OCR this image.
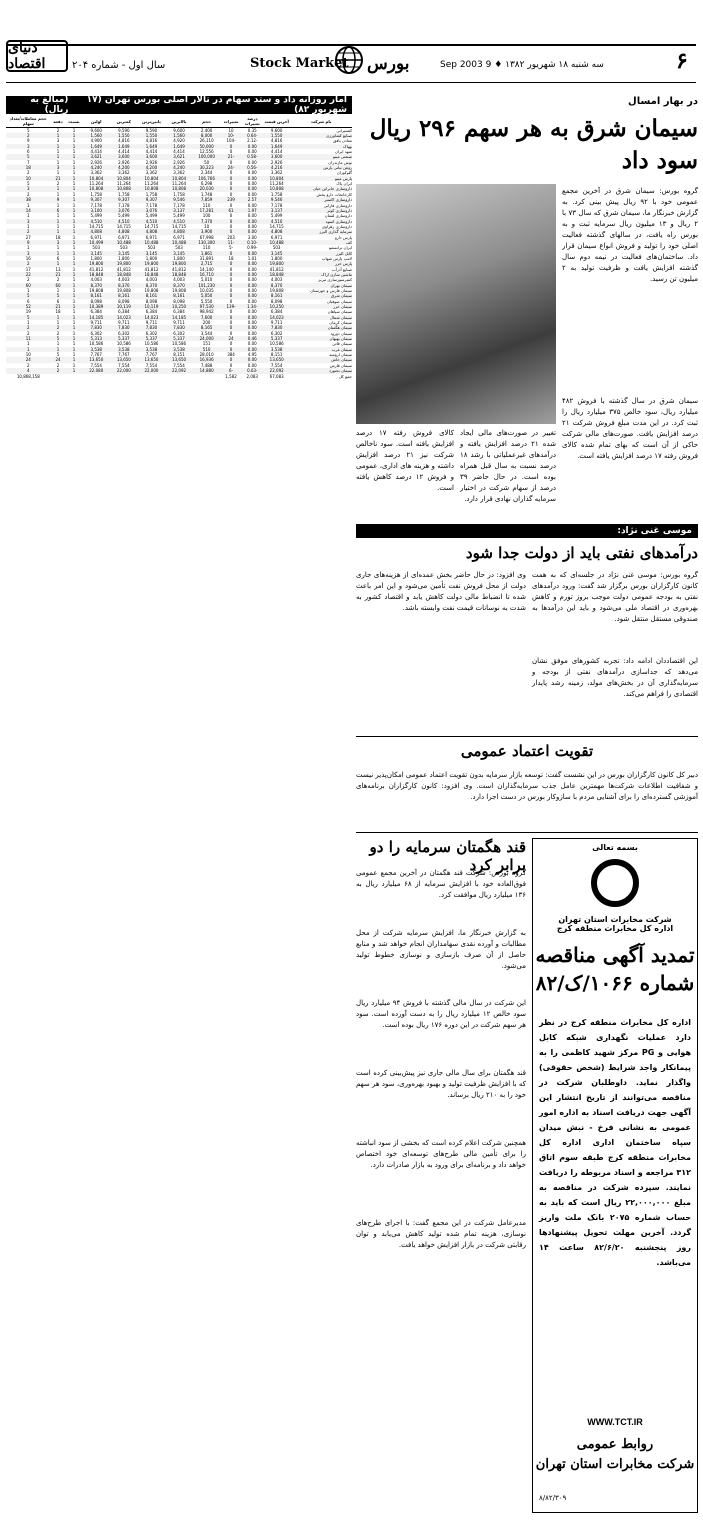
دنیای اقتصاد	سال اول - شماره ۲۰۴	Stock Market بورس	سه شنبه ۱۸ شهریور ۱۳۸۲ ♦ 9 Sep 2003	۶
آمار روزانه داد و ستد سهام در تالار اصلی بورس تهران (۱۷ شهریور ۸۲)
(مبالغ به ریال)
نام شرکت	آخرین قیمت	درصد تغییرات	تغییرات	حجم	بالاترین	پایین‌ترین	کمترین	اولین	نسبت	دفعه	حجم معاملات/تعداد سهام
کشتیرانی	9,600	0.35	10	2,400	9,600	9,590	9,590	9,600	1	2	5
صنایع کشاورزی	1,550	-0.64	-10	8,000	1,560	1,550	1,550	1,560	1	1	2
معادن بافق	4,816	-2.12	-104	26,110	4,920	4,816	4,816	4,900	1	3	9
بهپاک	1,649	0.00	0	50,000	1,649	1,649	1,649	1,649	1	1	3
شهد ایران	4,414	0.00	0	12,556	4,414	4,414	4,414	4,414	1	1	6
صنعتی مینو	3,600	-0.58	-21	100,000	3,621	3,600	3,600	3,621	1	1	5
نوش مازندران	2,926	0.00	0	50	2,926	2,926	2,926	2,926	1	1	7
روغن نباتی پارس	4,216	-0.56	-24	30,223	4,240	4,200	4,200	4,240	1	3	18
گلوکوزان	3,362	0.00	0	2,344	3,362	3,362	3,362	3,362	1	1	2
پارس مینو	10,804	0.00	0	106,766	10,804	10,804	10,804	10,804	1	21	10
ایران پاک	11,264	0.00	0	6,298	11,264	11,264	11,264	11,264	1	2	5
داروسازی جابرابن حیان	10,808	0.00	0	20,030	10,808	10,808	10,808	10,808	1	1	3
کارخانجات دارو پخش	1,758	0.00	0	1,748	1,758	1,758	1,758	1,758	1	1	2
داروسازی اکسیر	9,546	2.57	239	7,859	9,546	9,307	9,307	9,307	1	9	38
داروسازی فارابی	7,178	0.00	0	110	7,178	7,178	7,178	7,178	1	1	1
داروسازی کوثر	3,137	1.97	61	17,281	3,137	3,076	3,076	3,100	1	6	14
داروسازی لقمان	5,499	0.00	0	100	5,499	5,499	5,499	5,499	1	1	1
داروسازی اسوه	4,510	0.00	0	7,370	4,510	4,510	4,510	4,510	1	1	3
داروسازی زهراوی	14,715	0.00	0	10	14,715	14,715	14,715	14,715	1	1	1
سرمایه گذاری البرز	4,808	0.00	0	3,900	4,808	4,808	4,808	4,808	1	1	2
پارس دارو	6,971	3.00	203	67,998	6,971	6,971	6,971	6,971	1	18	27
کف	10,488	-0.10	-11	130,300	10,488	10,488	10,488	10,499	1	3	9
ایران ترانسفو	503	-0.99	-5	110	503	503	503	503	1	1	1
کابل البرز	3,145	0.00	0	1,861	3,145	3,145	3,145	3,145	1	1	3
لامپ پارس شهاب	1,800	1.01	18	31,891	1,800	1,800	1,800	1,800	1	6	16
پارس خزر	19,800	0.00	0	2,715	19,800	19,800	19,800	19,800	1	1	2
صنایع آذرآب	41,812	0.00	0	14,140	41,812	41,812	41,812	41,812	1	13	17
ماشین سازی اراک	18,848	0.00	0	16,710	18,848	18,848	18,848	18,848	1	21	22
کمپرسورسازی تبریز	4,003	0.00	0	5,010	4,003	4,003	4,003	4,003	1	2	2
سیمان تهران	8,370	0.00	0	101,230	8,370	8,370	8,370	8,370	1	60	60
سیمان فارس و خوزستان	19,808	0.00	0	10,035	19,808	19,808	19,808	19,808	1	1	1
سیمان شرق	8,161	0.00	0	5,050	8,161	8,161	8,161	8,161	1	5	5
سیمان صوفیان	8,098	0.00	0	5,550	8,098	8,098	8,098	8,098	1	6	6
سیمان خزر	10,250	-1.34	-139	97,530	10,250	10,119	10,119	10,389	1	21	52
سیمان سپاهان	6,384	0.00	0	98,942	6,384	6,384	6,384	6,384	1	18	19
سیمان شمال	14,023	0.00	0	7,600	14,185	14,023	14,023	14,185	1	1	5
سیمان کرمان	9,711	0.00	0	200	9,711	9,711	9,711	9,711	1	1	1
سیمان هگمتان	7,830	0.00	0	8,165	7,830	7,830	7,830	7,830	1	2	2
سیمان دورود	6,302	0.00	0	3,544	6,302	6,302	6,302	6,302	1	2	2
سیمان بهبهان	5,337	0.46	24	24,000	5,337	5,337	5,337	5,313	1	5	11
سیمان قائن	10,586	0.00	0	151	10,586	10,586	10,586	10,586	1	1	1
سیمان غرب	3,538	0.00	0	510	3,538	3,538	3,538	3,538	1	1	1
سیمان ارومیه	8,151	4.95	384	28,010	8,151	7,767	7,767	7,767	1	5	10
سیمان خاش	13,650	0.00	0	16,936	13,650	13,650	13,650	13,650	1	24	24
سیمان فارس	7,554	0.00	0	7,488	7,554	7,554	7,554	7,554	1	2	2
سیمان بجنورد	22,092	-0.03	-6	14,880	22,092	22,000	22,000	22,080	1	2	4
جمع کل	67,083	2,083	1,582								10,868,158
در بهار امسال
سیمان شرق به هر سهم ۲۹۶ ریال سود داد
گروه بورس: سیمان شرق در آخرین مجمع عمومی خود با ۹۲ ریال پیش بینی کرد. به گزارش خبرنگار ما، سیمان شرق که سال ۷۳ با ۲ ریال و ۱۳ میلیون ریال سرمایه ثبت و به بورس راه یافت، در سالهای گذشته فعالیت اصلی خود را تولید و فروش انواع سیمان قرار داد. ساختمان‌های فعالیت در نیمه دوم سال گذشته افزایش یافت و ظرفیت تولید به ۲ میلیون تن رسید.
سیمان شرق در سال گذشته با فروش ۴۸۲ میلیارد ریال، سود خالص ۳۷۵ میلیارد ریال را ثبت کرد. در این مدت مبلغ فروش شرکت ۲۱ درصد افزایش یافت. صورت‌های مالی شرکت حاکی از آن است که بهای تمام شده کالای فروش رفته ۱۷ درصد افزایش یافته است.
تغییر در صورت‌های مالی ایجاد شده ۲۱ درصد افزایش یافته و درآمدهای غیرعملیاتی با رشد ۱۸ درصد نسبت به سال قبل همراه بوده است. در حال حاضر ۳۹ درصد از سهام شرکت در اختیار سرمایه گذاران نهادی قرار دارد.
کالای فروش رفته ۱۷ درصد افزایش یافته است. سود ناخالص شرکت نیز ۲۱ درصد افزایش داشته و هزینه های اداری، عمومی و فروش ۱۲ درصد کاهش یافته است.
موسی غنی نژاد:
درآمدهای نفتی باید از دولت جدا شود
گروه بورس: موسی غنی نژاد در جلسه‌ای که به همت کانون کارگزاران بورس برگزار شد گفت: ورود درآمدهای نفتی به بودجه عمومی دولت موجب بروز تورم و کاهش بهره‌وری در اقتصاد ملی می‌شود و باید این درآمدها به صندوقی مستقل منتقل شود.
وی افزود: در حال حاضر بخش عمده‌ای از هزینه‌های جاری دولت از محل فروش نفت تأمین می‌شود و این امر باعث شده تا انضباط مالی دولت کاهش یابد و اقتصاد کشور به شدت به نوسانات قیمت نفت وابسته باشد.
این اقتصاددان ادامه داد: تجربه کشورهای موفق نشان می‌دهد که جداسازی درآمدهای نفتی از بودجه و سرمایه‌گذاری آن در بخش‌های مولد، زمینه رشد پایدار اقتصادی را فراهم می‌کند.
تقویت اعتماد عمومی
دبیر کل کانون کارگزاران بورس در این نشست گفت: توسعه بازار سرمایه بدون تقویت اعتماد عمومی امکان‌پذیر نیست و شفافیت اطلاعات شرکت‌ها مهمترین عامل جذب سرمایه‌گذاران است. وی افزود: کانون کارگزاران برنامه‌های آموزشی گسترده‌ای را برای آشنایی مردم با سازوکار بورس در دست اجرا دارد.
قند هگمتان سرمایه را دو برابر کرد
گروه بورس: شرکت قند هگمتان در آخرین مجمع عمومی فوق‌العاده خود با افزایش سرمایه از ۶۸ میلیارد ریال به ۱۳۶ میلیارد ریال موافقت کرد.
به گزارش خبرنگار ما، افزایش سرمایه شرکت از محل مطالبات و آورده نقدی سهامداران انجام خواهد شد و منابع حاصل از آن صرف بازسازی و نوسازی خطوط تولید می‌شود.
این شرکت در سال مالی گذشته با فروش ۹۴ میلیارد ریال سود خالص ۱۲ میلیارد ریال را به دست آورده است. سود هر سهم شرکت در این دوره ۱۷۶ ریال بوده است.
قند هگمتان برای سال مالی جاری نیز پیش‌بینی کرده است که با افزایش ظرفیت تولید و بهبود بهره‌وری، سود هر سهم خود را به ۲۱۰ ریال برساند.
همچنین شرکت اعلام کرده است که بخشی از سود انباشته را برای تأمین مالی طرح‌های توسعه‌ای خود اختصاص خواهد داد و برنامه‌ای برای ورود به بازار صادرات دارد.
مدیرعامل شرکت در این مجمع گفت: با اجرای طرح‌های نوسازی، هزینه تمام شده تولید کاهش می‌یابد و توان رقابتی شرکت در بازار افزایش خواهد یافت.
بسمه تعالی
شرکت مخابرات استان تهران
اداره کل مخابرات منطقه کرج
تمدید آگهی مناقصه
شماره ۱۰۶۶/ک/۸۲
اداره کل مخابرات منطقه کرج در نظر دارد عملیات نگهداری شبکه کابل هوایی و PG مرکز شهید کاظمی را به پیمانکار واجد شرایط (شخص حقوقی) واگذار نماید. داوطلبان شرکت در مناقصه می‌توانند از تاریخ انتشار این آگهی جهت دریافت اسناد به اداره امور عمومی به نشانی فرخ - نبش میدان سپاه ساختمان اداری اداره کل مخابرات منطقه کرج طبقه سوم اتاق ۳۱۲ مراجعه و اسناد مربوطه را دریافت نمایند. سپرده شرکت در مناقصه به مبلغ ۲۲,۰۰۰,۰۰۰ ریال است که باید به حساب شماره ۲۰۷۵ بانک ملت واریز گردد. آخرین مهلت تحویل پیشنهادها روز پنجشنبه ۸۲/۶/۲۰ ساعت ۱۴ می‌باشد.
WWW.TCT.IR
روابط عمومی
شرکت مخابرات استان تهران
۸/۸۲/۳۰۹
